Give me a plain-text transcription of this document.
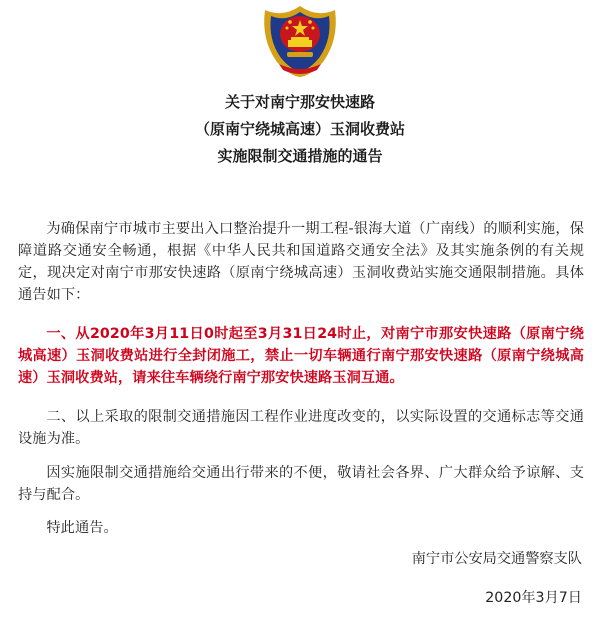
关于对南宁那安快速路
（原南宁绕城高速）玉洞收费站
实施限制交通措施的通告
为确保南宁市城市主要出入口整治提升一期工程-银海大道（广南线）的顺利实施，保障道路交通安全畅通，根据《中华人民共和国道路交通安全法》及其实施条例的有关规定，现决定对南宁市那安快速路（原南宁绕城高速）玉洞收费站实施交通限制措施。具体通告如下：
一、从2020年3月11日0时起至3月31日24时止，对南宁市那安快速路（原南宁绕城高速）玉洞收费站进行全封闭施工，禁止一切车辆通行南宁那安快速路（原南宁绕城高速）玉洞收费站，请来往车辆绕行南宁那安快速路玉洞互通。
二、以上采取的限制交通措施因工程作业进度改变的，以实际设置的交通标志等交通设施为准。
因实施限制交通措施给交通出行带来的不便，敬请社会各界、广大群众给予谅解、支持与配合。
特此通告。
南宁市公安局交通警察支队
2020年3月7日
